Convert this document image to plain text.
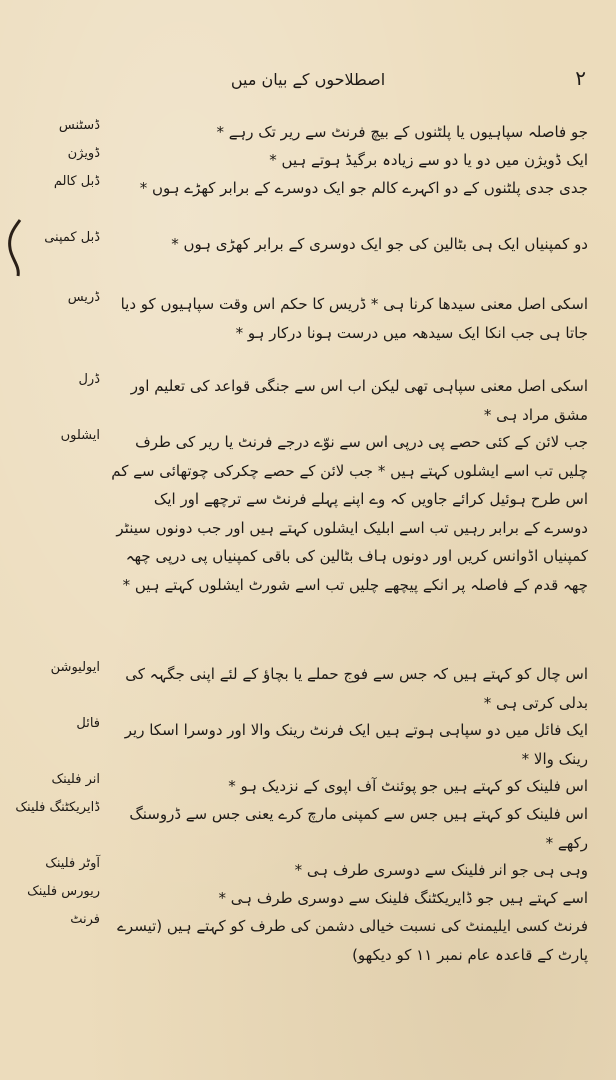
۲
اصطلاحوں کے بیان میں
ڈسٹنس	جو فاصلہ سپاہیوں یا پلٹنوں کے بیچ فرنٹ سے ریر تک رہے *
ڈویژن	ایک ڈویژن میں دو یا دو سے زیادہ برگیڈ ہوتے ہیں *
ڈبل کالم	جدی جدی پلٹنوں کے دو اکہرے کالم جو ایک دوسرے کے برابر کھڑے ہوں *
ڈبل کمپنی	دو کمپنیاں ایک ہی بٹالین کی جو ایک دوسری کے برابر کھڑی ہوں *
ڈریس	اسکی اصل معنی سیدھا کرنا ہی * ڈریس کا حکم اس وقت سپاہیوں کو دیا جاتا ہی جب انکا ایک سیدھہ میں درست ہونا درکار ہو *
ڈرل	اسکی اصل معنی سپاہی تھی لیکن اب اس سے جنگی قواعد کی تعلیم اور مشق مراد ہی *
ایشلوں	جب لائن کے کئی حصے پی درپی اس سے نوّے درجے فرنٹ یا ریر کی طرف چلیں تب اسے ایشلوں کہتے ہیں * جب لائن کے حصے چکرکی چوتھائی سے کم اس طرح ہوئیل کرائے جاویں کہ وے اپنے پہلے فرنٹ سے ترچھے اور ایک دوسرے کے برابر رہیں تب اسے ابلیک ایشلوں کہتے ہیں اور جب دونوں سینٹر کمپنیاں اڈوانس کریں اور دونوں ہاف بٹالین کی باقی کمپنیاں پی درپی چھہ چھہ قدم کے فاصلہ پر انکے پیچھے چلیں تب اسے شورٹ ایشلوں کہتے ہیں *
ایولیوشن	اس چال کو کہتے ہیں کہ جس سے فوج حملے یا بچاؤ کے لئے اپنی جگہہ کی بدلی کرتی ہی *
فائل	ایک فائل میں دو سپاہی ہوتے ہیں ایک فرنٹ رینک والا اور دوسرا اسکا ریر رینک والا *
انر فلینک	اس فلینک کو کہتے ہیں جو پوئنٹ آف اپوی کے نزدیک ہو *
ڈایریکٹنگ فلینک	اس فلینک کو کہتے ہیں جس سے کمپنی مارچ کرے یعنی جس سے ڈروسنگ رکھے *
آوٹر فلینک	وہی ہی جو انر فلینک سے دوسری طرف ہی *
ریورس فلینک	اسے کہتے ہیں جو ڈایریکٹنگ فلینک سے دوسری طرف ہی *
فرنٹ	فرنٹ کسی ایلیمنٹ کی نسبت خیالی دشمن کی طرف کو کہتے ہیں (تیسرے پارٹ کے قاعدہ عام نمبر ۱۱ کو دیکھو)
